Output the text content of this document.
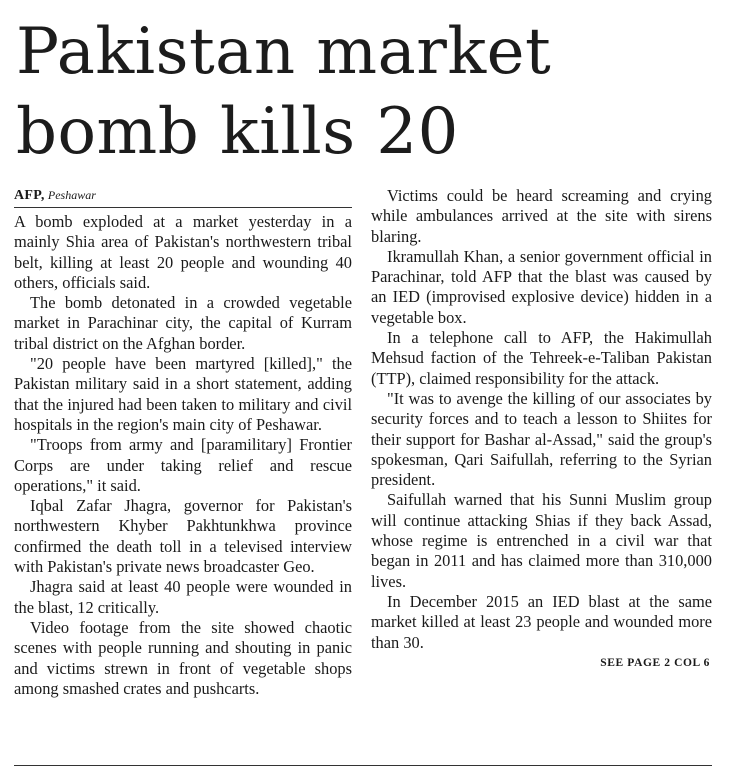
Pakistan market
bomb kills 20
AFP, Peshawar

A bomb exploded at a market yesterday in a mainly Shia area of Pakistan's northwestern tribal belt, killing at least 20 people and wounding 40 others, officials said.

The bomb detonated in a crowded vegetable market in Parachinar city, the capital of Kurram tribal district on the Afghan border.

"20 people have been martyred [killed]," the Pakistan military said in a short statement, adding that the injured had been taken to military and civil hospitals in the region's main city of Peshawar.

"Troops from army and [paramilitary] Frontier Corps are under taking relief and rescue operations," it said.

Iqbal Zafar Jhagra, governor for Pakistan's northwestern Khyber Pakhtunkhwa province confirmed the death toll in a televised interview with Pakistan's private news broadcaster Geo.

Jhagra said at least 40 people were wounded in the blast, 12 critically.

Video footage from the site showed chaotic scenes with people running and shouting in panic and victims strewn in front of vegetable shops among smashed crates and pushcarts.

Victims could be heard screaming and crying while ambulances arrived at the site with sirens blaring.

Ikramullah Khan, a senior government official in Parachinar, told AFP that the blast was caused by an IED (improvised explosive device) hidden in a vegetable box.

In a telephone call to AFP, the Hakimullah Mehsud faction of the Tehreek-e-Taliban Pakistan (TTP), claimed responsibility for the attack.

"It was to avenge the killing of our associates by security forces and to teach a lesson to Shiites for their support for Bashar al-Assad," said the group's spokesman, Qari Saifullah, referring to the Syrian president.

Saifullah warned that his Sunni Muslim group will continue attacking Shias if they back Assad, whose regime is entrenched in a civil war that began in 2011 and has claimed more than 310,000 lives.

In December 2015 an IED blast at the same market killed at least 23 people and wounded more than 30.

SEE PAGE 2 COL 6
